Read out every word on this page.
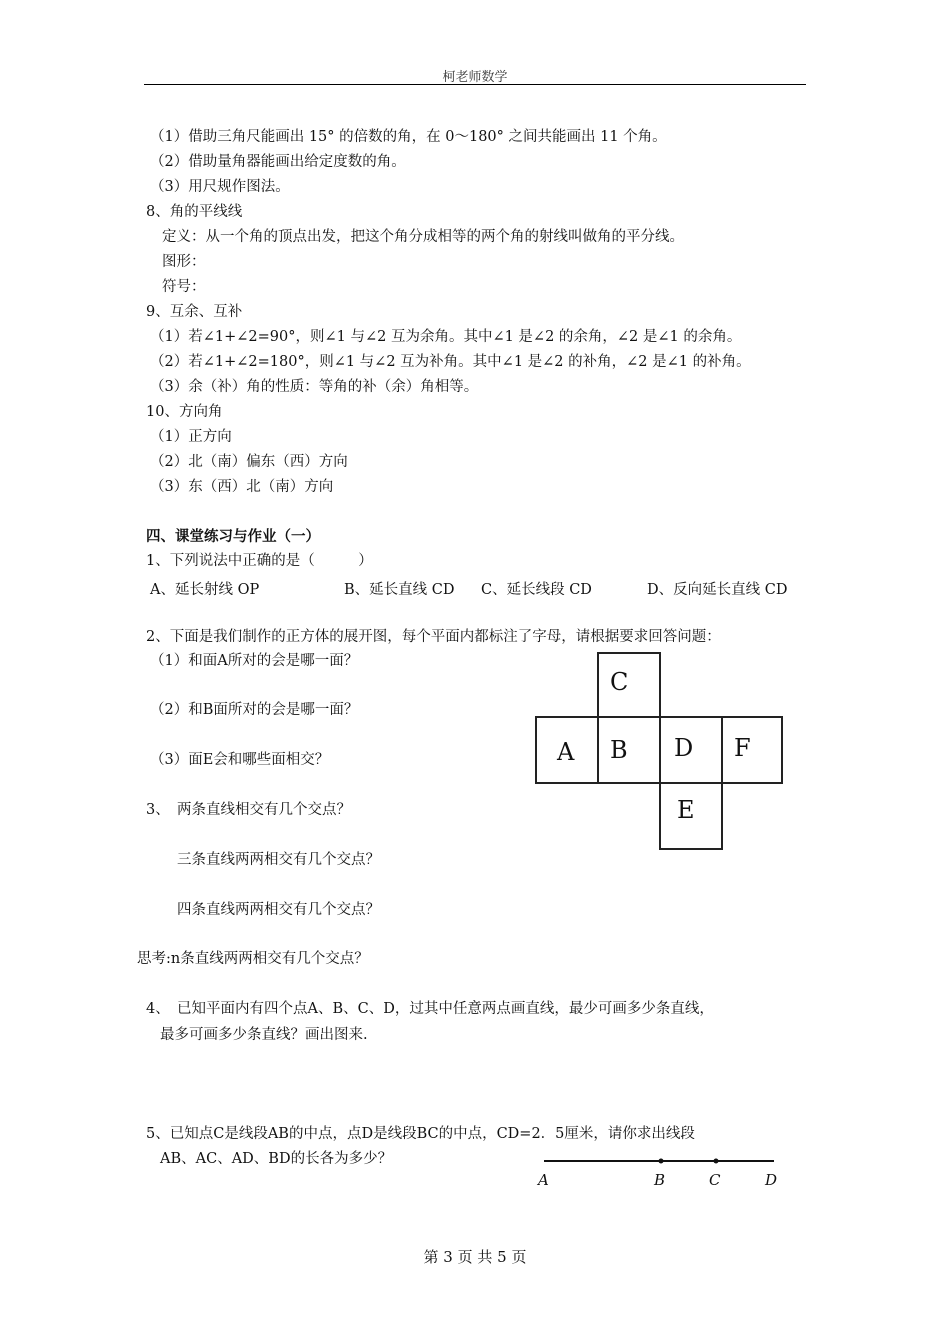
柯老师数学
（1）借助三角尺能画出 15° 的倍数的角，在 0～180° 之间共能画出 11 个角。
（2）借助量角器能画出给定度数的角。
（3）用尺规作图法。
8、角的平线线
定义：从一个角的顶点出发，把这个角分成相等的两个角的射线叫做角的平分线。
图形：
符号：
9、互余、互补
（1）若∠1+∠2=90°，则∠1 与∠2 互为余角。其中∠1 是∠2 的余角，∠2 是∠1 的余角。
（2）若∠1+∠2=180°，则∠1 与∠2 互为补角。其中∠1 是∠2 的补角，∠2 是∠1 的补角。
（3）余（补）角的性质：等角的补（余）角相等。
10、方向角
（1）正方向
（2）北（南）偏东（西）方向
（3）东（西）北（南）方向
四、课堂练习与作业（一）
1、下列说法中正确的是（　　　）
A、延长射线 OP	B、延长直线 CD C、延长线段 CD	D、反向延长直线 CD
2、下面是我们制作的正方体的展开图，每个平面内都标注了字母，请根据要求回答问题：
（1）和面A所对的会是哪一面？
（2）和B面所对的会是哪一面？
（3）面E会和哪些面相交？
C
A B D F
E
3、　两条直线相交有几个交点？
三条直线两两相交有几个交点？
四条直线两两相交有几个交点？
思考:n条直线两两相交有几个交点？
4、　已知平面内有四个点A、B、C、D，过其中任意两点画直线，最少可画多少条直线，
最多可画多少条直线？画出图来.
5、已知点C是线段AB的中点，点D是线段BC的中点，CD=2．5厘米，请你求出线段
AB、AC、AD、BD的长各为多少？
A	B	C	D
第 3 页 共 5 页
